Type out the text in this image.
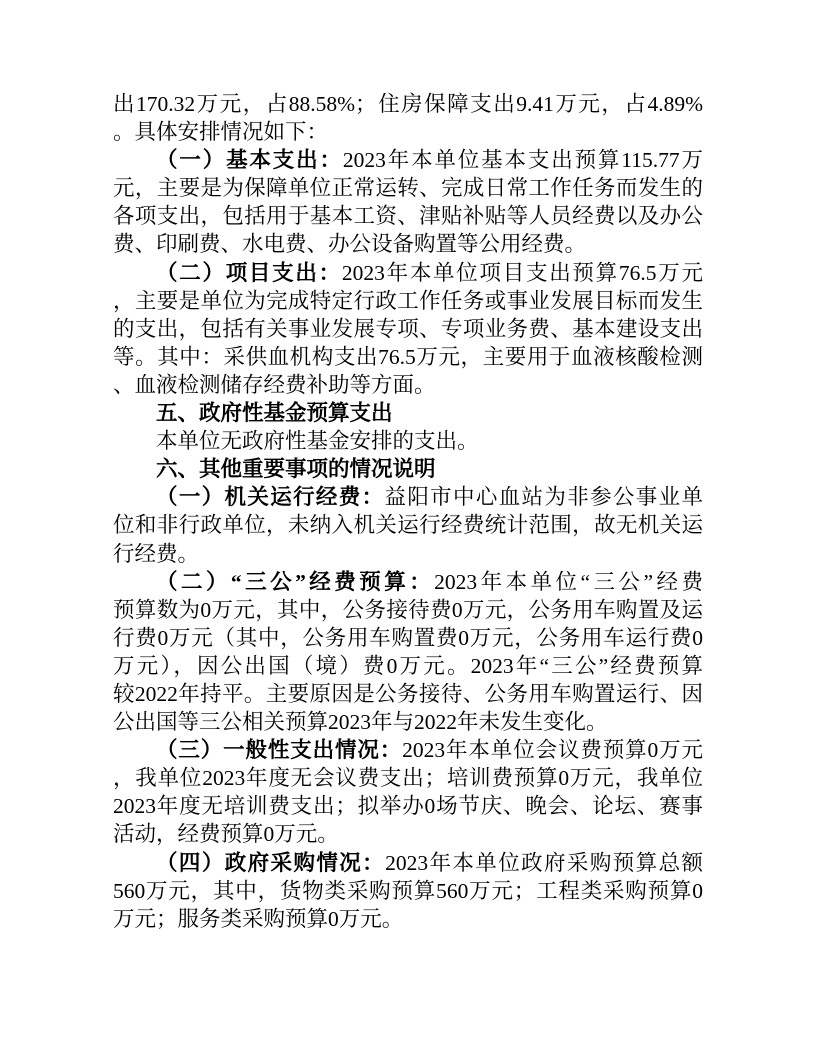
出170.32万元，占88.58%；住房保障支出9.41万元，占4.89%
。具体安排情况如下：
（一）基本支出：2023年本单位基本支出预算115.77万
元，主要是为保障单位正常运转、完成日常工作任务而发生的
各项支出，包括用于基本工资、津贴补贴等人员经费以及办公
费、印刷费、水电费、办公设备购置等公用经费。
（二）项目支出：2023年本单位项目支出预算76.5万元
，主要是单位为完成特定行政工作任务或事业发展目标而发生
的支出，包括有关事业发展专项、专项业务费、基本建设支出
等。其中：采供血机构支出76.5万元，主要用于血液核酸检测
、血液检测储存经费补助等方面。
五、政府性基金预算支出
本单位无政府性基金安排的支出。
六、其他重要事项的情况说明
（一）机关运行经费：益阳市中心血站为非参公事业单
位和非行政单位，未纳入机关运行经费统计范围，故无机关运
行经费。
（二）“三公”经费预算：2023年本单位“三公”经费
预算数为0万元，其中，公务接待费0万元，公务用车购置及运
行费0万元（其中，公务用车购置费0万元，公务用车运行费0
万元），因公出国（境）费0万元。2023年“三公”经费预算
较2022年持平。主要原因是公务接待、公务用车购置运行、因
公出国等三公相关预算2023年与2022年未发生变化。
（三）一般性支出情况：2023年本单位会议费预算0万元
，我单位2023年度无会议费支出；培训费预算0万元，我单位
2023年度无培训费支出；拟举办0场节庆、晚会、论坛、赛事
活动，经费预算0万元。
（四）政府采购情况：2023年本单位政府采购预算总额
560万元，其中，货物类采购预算560万元；工程类采购预算0
万元；服务类采购预算0万元。
